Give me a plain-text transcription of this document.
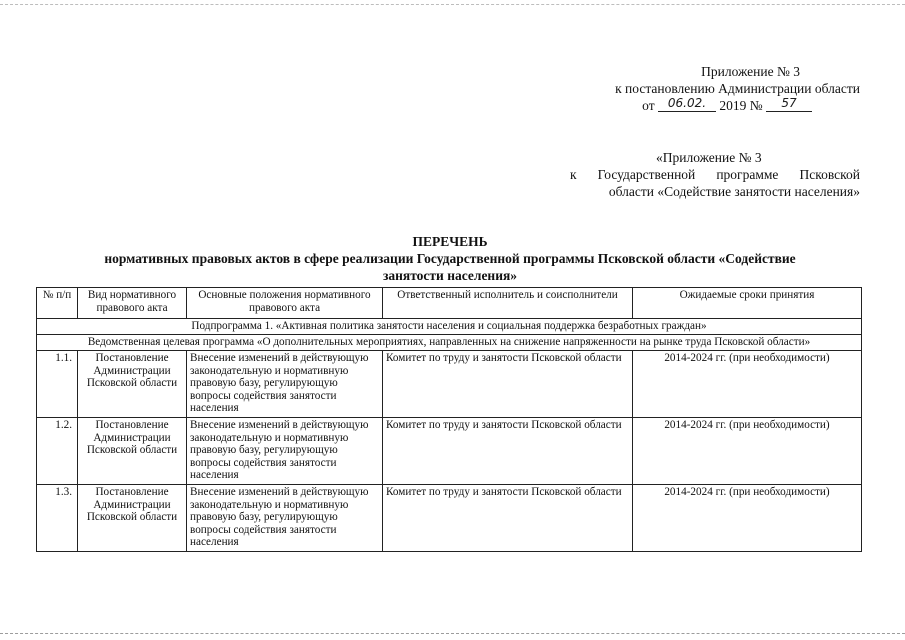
Приложение № 3
к постановлению Администрации области
от 06.02. 2019 № 57
«Приложение № 3
к Государственной программе Псковской
области «Содействие занятости населения»
ПЕРЕЧЕНЬ
нормативных правовых актов в сфере реализации Государственной программы Псковской области «Содействие
занятости населения»
№ п/п	Вид нормативного правового акта	Основные положения нормативного правового акта	Ответственный исполнитель и соисполнители	Ожидаемые сроки принятия
Подпрограмма 1. «Активная политика занятости населения и социальная поддержка безработных граждан»				
Ведомственная целевая программа «О дополнительных мероприятиях, направленных на снижение напряженности на рынке труда Псковской области»				
1.1.	Постановление Администрации Псковской области	Внесение изменений в действующую законодательную и нормативную правовую базу, регулирующую вопросы содействия занятости населения	Комитет по труду и занятости Псковской области	2014-2024 гг. (при необходимости)
1.2.	Постановление Администрации Псковской области	Внесение изменений в действующую законодательную и нормативную правовую базу, регулирующую вопросы содействия занятости населения	Комитет по труду и занятости Псковской области	2014-2024 гг. (при необходимости)
1.3.	Постановление Администрации Псковской области	Внесение изменений в действующую законодательную и нормативную правовую базу, регулирующую вопросы содействия занятости населения	Комитет по труду и занятости Псковской области	2014-2024 гг. (при необходимости)
